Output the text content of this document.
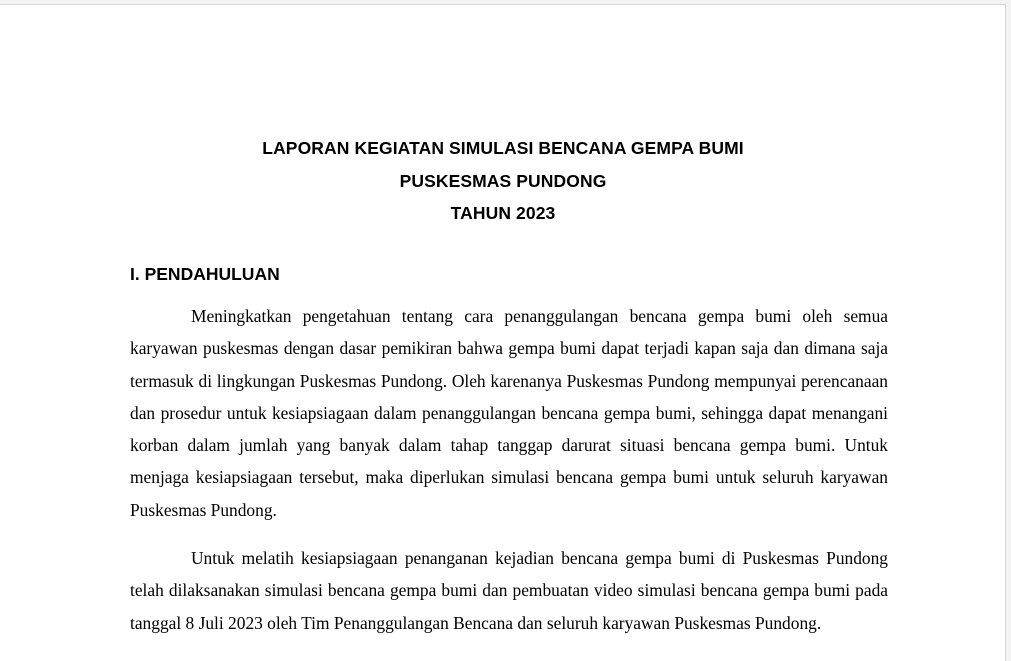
LAPORAN KEGIATAN SIMULASI BENCANA GEMPA BUMI
PUSKESMAS PUNDONG
TAHUN 2023
I. PENDAHULUAN

Meningkatkan pengetahuan tentang cara penanggulangan bencana gempa bumi oleh semua karyawan puskesmas dengan dasar pemikiran bahwa gempa bumi dapat terjadi kapan saja dan dimana saja termasuk di lingkungan Puskesmas Pundong. Oleh karenanya Puskesmas Pundong mempunyai perencanaan dan prosedur untuk kesiapsiagaan dalam penanggulangan bencana gempa bumi, sehingga dapat menangani korban dalam jumlah yang banyak dalam tahap tanggap darurat situasi bencana gempa bumi. Untuk menjaga kesiapsiagaan tersebut, maka diperlukan simulasi bencana gempa bumi untuk seluruh karyawan Puskesmas Pundong.

Untuk melatih kesiapsiagaan penanganan kejadian bencana gempa bumi di Puskesmas Pundong telah dilaksanakan simulasi bencana gempa bumi dan pembuatan video simulasi bencana gempa bumi pada tanggal 8 Juli 2023 oleh Tim Penanggulangan Bencana dan seluruh karyawan Puskesmas Pundong.
